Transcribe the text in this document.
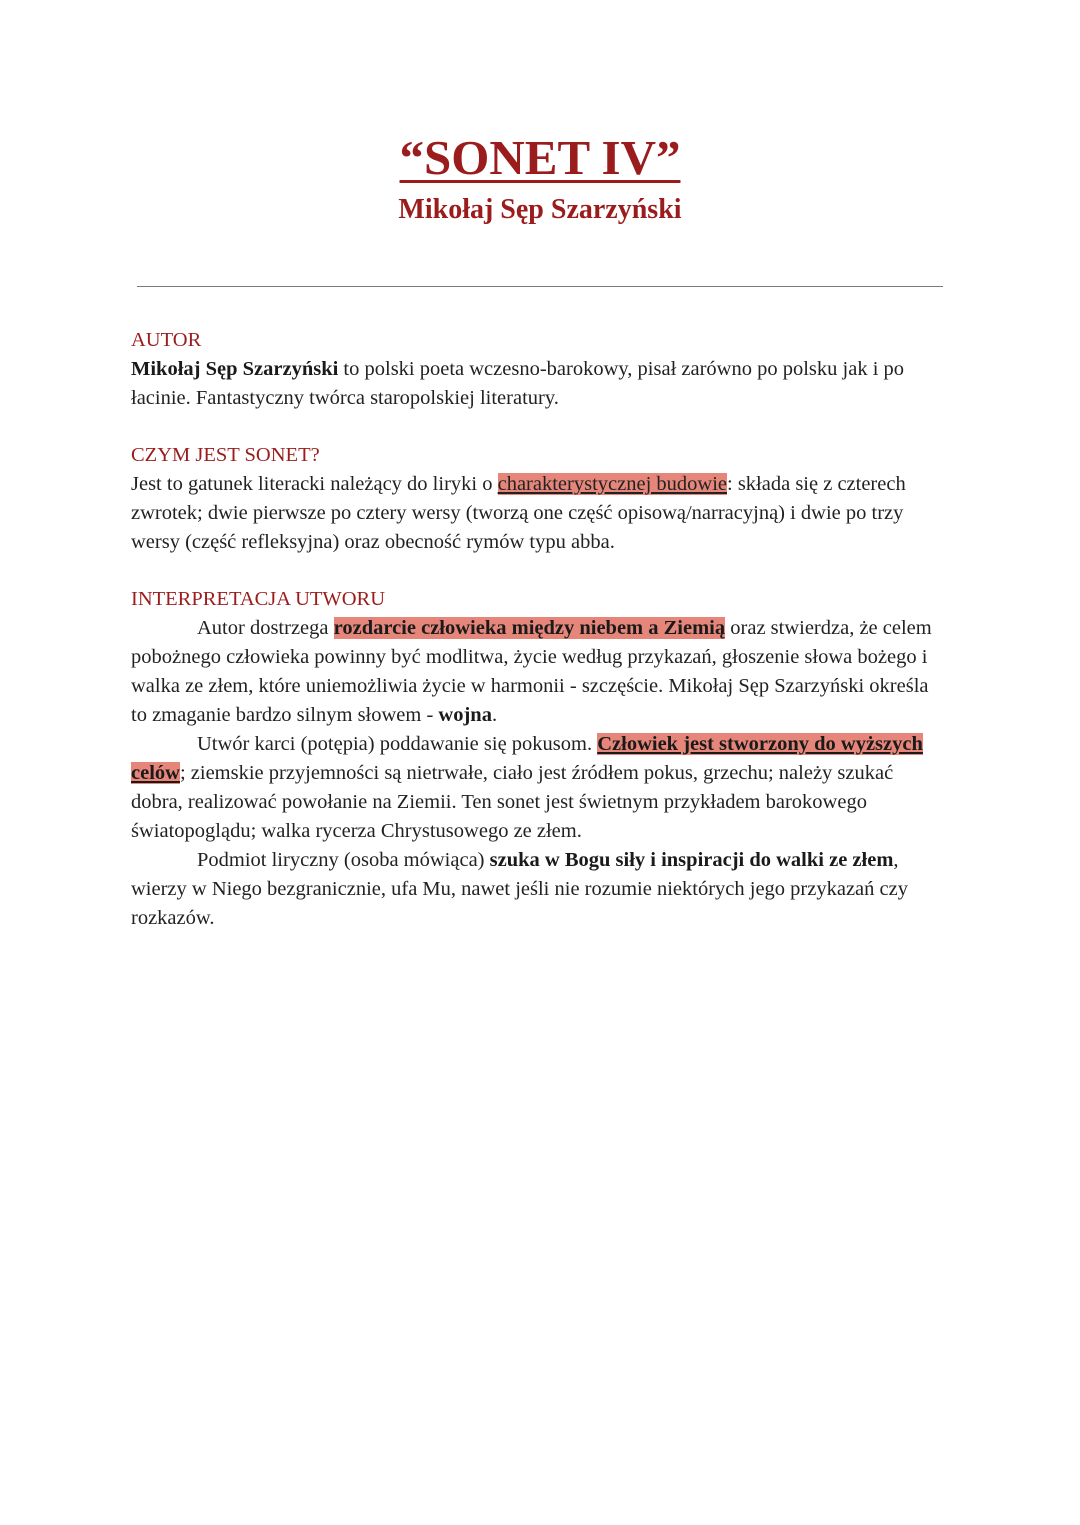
“SONET IV”
Mikołaj Sęp Szarzyński
AUTOR

Mikołaj Sęp Szarzyński to polski poeta wczesno-barokowy, pisał zarówno po polsku jak i po łacinie. Fantastyczny twórca staropolskiej literatury.

CZYM JEST SONET?

Jest to gatunek literacki należący do liryki o charakterystycznej budowie: składa się z czterech zwrotek; dwie pierwsze po cztery wersy (tworzą one część opisową/narracyjną) i dwie po trzy wersy (część refleksyjna) oraz obecność rymów typu abba.

INTERPRETACJA UTWORU

Autor dostrzega rozdarcie człowieka między niebem a Ziemią oraz stwierdza, że celem pobożnego człowieka powinny być modlitwa, życie według przykazań, głoszenie słowa bożego i walka ze złem, które uniemożliwia życie w harmonii - szczęście. Mikołaj Sęp Szarzyński określa to zmaganie bardzo silnym słowem - wojna.

Utwór karci (potępia) poddawanie się pokusom. Człowiek jest stworzony do wyższych celów; ziemskie przyjemności są nietrwałe, ciało jest źródłem pokus, grzechu; należy szukać dobra, realizować powołanie na Ziemii. Ten sonet jest świetnym przykładem barokowego światopoglądu; walka rycerza Chrystusowego ze złem.

Podmiot liryczny (osoba mówiąca) szuka w Bogu siły i inspiracji do walki ze złem, wierzy w Niego bezgranicznie, ufa Mu, nawet jeśli nie rozumie niektórych jego przykazań czy rozkazów.
